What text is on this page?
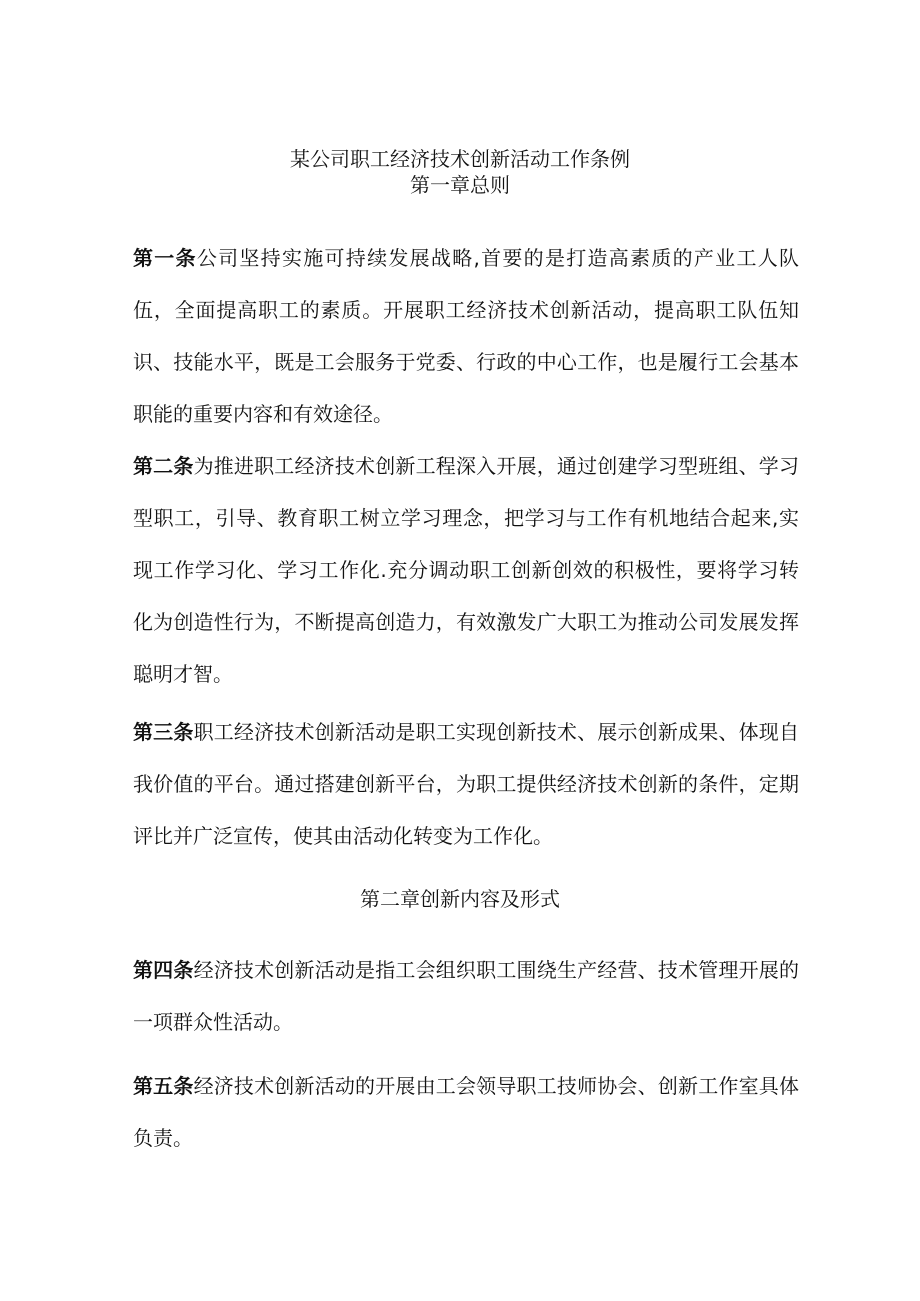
某公司职工经济技术创新活动工作条例
第一章总则

第一条公司坚持实施可持续发展战略,首要的是打造高素质的产业工人队伍，全面提高职工的素质。开展职工经济技术创新活动，提高职工队伍知识、技能水平，既是工会服务于党委、行政的中心工作，也是履行工会基本职能的重要内容和有效途径。

第二条为推进职工经济技术创新工程深入开展，通过创建学习型班组、学习型职工，引导、教育职工树立学习理念，把学习与工作有机地结合起来,实现工作学习化、学习工作化.充分调动职工创新创效的积极性，要将学习转化为创造性行为，不断提高创造力，有效激发广大职工为推动公司发展发挥聪明才智。

第三条职工经济技术创新活动是职工实现创新技术、展示创新成果、体现自我价值的平台。通过搭建创新平台，为职工提供经济技术创新的条件，定期评比并广泛宣传，使其由活动化转变为工作化。

第二章创新内容及形式

第四条经济技术创新活动是指工会组织职工围绕生产经营、技术管理开展的一项群众性活动。

第五条经济技术创新活动的开展由工会领导职工技师协会、创新工作室具体负责。
